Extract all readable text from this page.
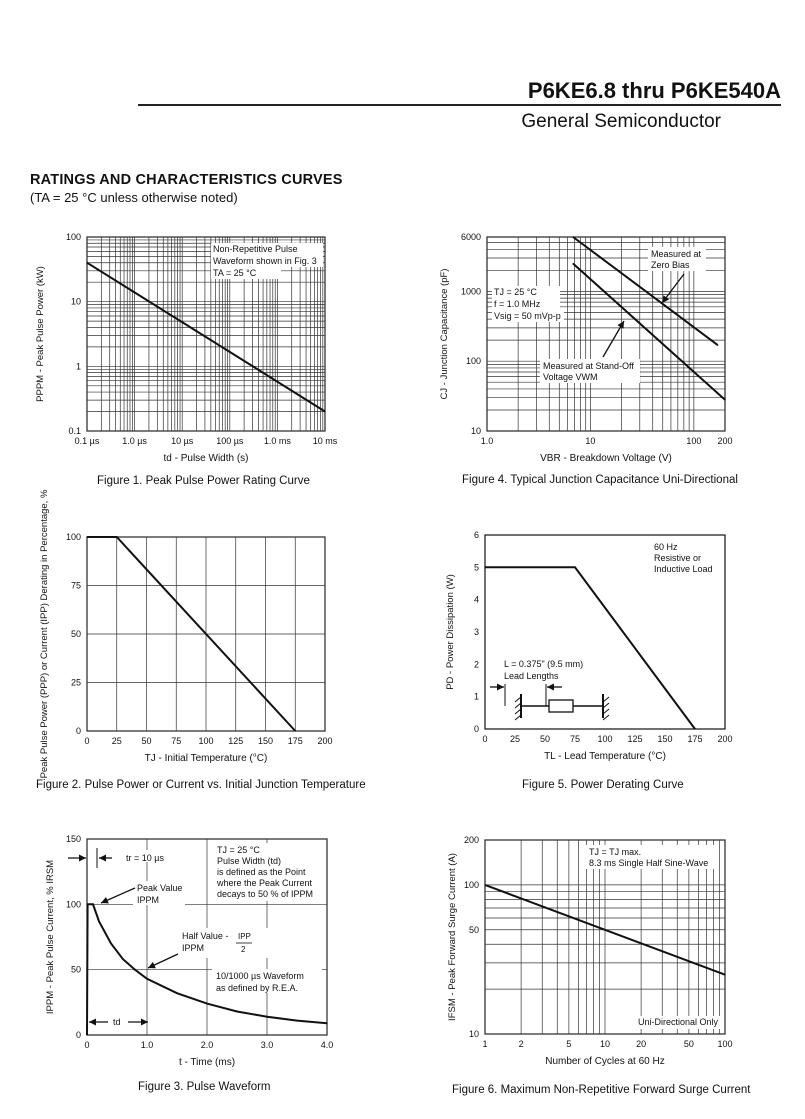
P6KE6.8 thru P6KE540A
General Semiconductor
RATINGS AND CHARACTERISTICS CURVES
(TA = 25 °C unless otherwise noted)
0.1 µs	1.0 µs	10 µs	100 µs 1.0 ms 10 ms
0.1
1
10
100
td - Pulse Width (s)
PPPM - Peak Pulse Power (kW)
Non-Repetitive Pulse
Waveform shown in Fig. 3
TA = 25 °C
Figure 1. Peak Pulse Power Rating Curve
1.0	10	100 200
10
100
1000
6000
VBR - Breakdown Voltage (V)
CJ - Junction Capacitance (pF)	TJ = 25 °C
f = 1.0 MHz
Vsig = 50 mVp-p
Measured at
Zero Bias
Measured at Stand-Off
Voltage VWM
Figure 4. Typical Junction Capacitance Uni-Directional
0 25 50 75 100 125 150 175 200
0
25
50
75
100
TJ - Initial Temperature (°C)
Peak Pulse Power (PPP) or Current (IPP) Derating in Percentage, %
Figure 2. Pulse Power or Current vs. Initial Junction Temperature
0 25 50 75 100 125 150 175 200
0
1
2
3
4
5
6
TL - Lead Temperature (°C)
PD - Power Dissipation (W)
60 Hz
Resistive or
Inductive Load
L = 0.375" (9.5 mm)
Lead Lengths
Figure 5. Power Derating Curve
0	1.0	2.0	3.0	4.0
0
50
100
150
t - Time (ms)
IPPM - Peak Pulse Current, % IRSM
tr = 10 µs
TJ = 25 °C
Pulse Width (td)
is defined as the Point
where the Peak Current
decays to 50 % of IPPM
Peak Value
IPPM
Half Value - IPP
IPPM	2
10/1000 µs Waveform
as defined by R.E.A.
td
Figure 3. Pulse Waveform
1	2	5	10	20	50	100
10
50
100
200
Number of Cycles at 60 Hz
IFSM - Peak Forward Surge Current (A)
TJ = TJ max.
8.3 ms Single Half Sine-Wave
Uni-Directional Only
Figure 6. Maximum Non-Repetitive Forward Surge Current
